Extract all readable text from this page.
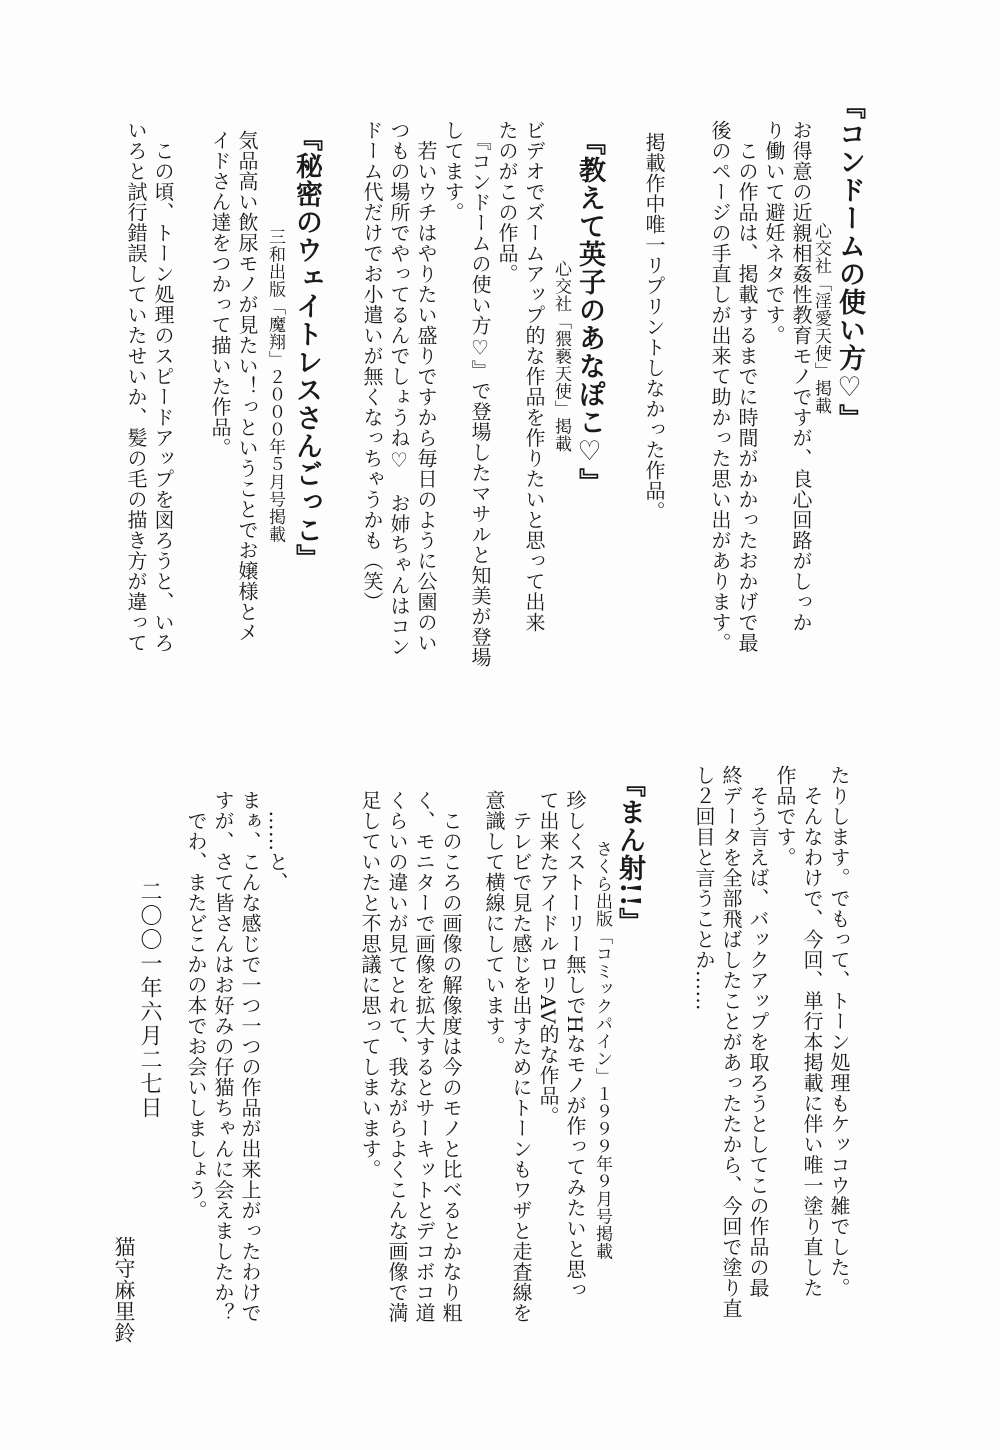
『コンドームの使い方♡』
心交社「淫愛天使」掲載
お得意の近親相姦性教育モノですが、良心回路がしっか
り働いて避妊ネタです。
　この作品は、掲載するまでに時間がかかったおかげで最
後のページの手直しが出来て助かった思い出があります。
掲載作中唯一リプリントしなかった作品。
『教えて英子のあなぽこ♡』
心交社「猥褻天使」掲載
ビデオでズームアップ的な作品を作りたいと思って出来
たのがこの作品。
　『コンドームの使い方♡』で登場したマサルと知美が登場
してます。
　若いウチはやりたい盛りですから毎日のように公園のい
つもの場所でやってるんでしょうね♡　お姉ちゃんはコン
ドーム代だけでお小遣いが無くなっちゃうかも（笑）
『秘密のウェイトレスさんごっこ』
三和出版「魔翔」２０００年５月号掲載
気品高い飲尿モノが見たい！っということでお嬢様とメ
イドさん達をつかって描いた作品。
　この頃、トーン処理のスピードアップを図ろうと、いろ
いろと試行錯誤していたせいか、髪の毛の描き方が違って
たりします。でもって、トーン処理もケッコウ雑でした。
　そんなわけで、今回、単行本掲載に伴い唯一塗り直した
作品です。
　そう言えば、バックアップを取ろうとしてこの作品の最
終データを全部飛ばしたことがあったたから、今回で塗り直
し２回目と言うことか……
『まん射!!』
さくら出版「コミックパイン」１９９９年９月号掲載
珍しくストーリー無しでHなモノが作ってみたいと思っ
て出来たアイドルロリAV的な作品。
　テレビで見た感じを出すためにトーンもワザと走査線を
意識して横線にしています。
　このころの画像の解像度は今のモノと比べるとかなり粗
く、モニターで画像を拡大するとサーキットとデコボコ道
くらいの違いが見てとれて、我ながらよくこんな画像で満
足していたと不思議に思ってしまいます。
　……と、
まぁ、こんな感じで一つ一つの作品が出来上がったわけで
すが、さて皆さんはお好みの仔猫ちゃんに会えましたか？
　でわ、またどこかの本でお会いしましょう。
二〇〇一年六月二七日
猫守麻里鈴
